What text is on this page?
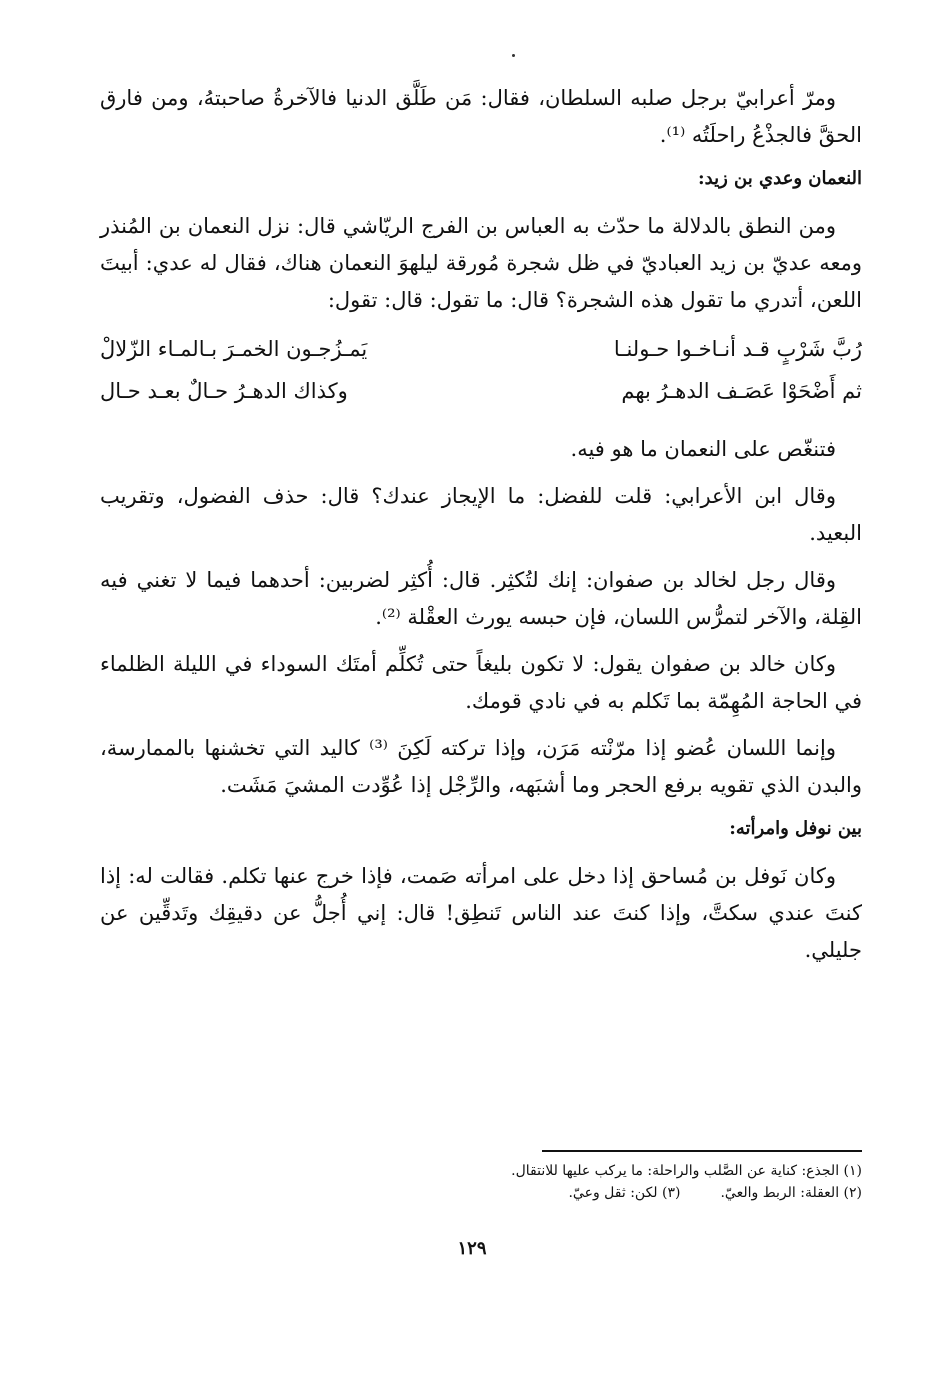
ومرّ أعرابيّ برجل صلبه السلطان، فقال: مَن طَلَّق الدنيا فالآخرةُ صاحبتهُ، ومن فارق الحقَّ فالجذْعُ راحلَتُه ⁽¹⁾.

النعمان وعدي بن زيد:

ومن النطق بالدلالة ما حدّث به العباس بن الفرج الريّاشي قال: نزل النعمان بن المُنذر ومعه عديّ بن زيد العباديّ في ظل شجرة مُورقة ليلهوَ النعمان هناك، فقال له عدي: أبيتَ اللعن، أتدري ما تقول هذه الشجرة؟ قال: ما تقول: قال: تقول:

رُبَّ شَرْبٍ قـد أنـاخـوا حـولنـا
يَمـزُجـون الخمـرَ بـالمـاء الزّلالْ
ثم أَضْحَوْا عَصَـف الدهـرُ بهم
وكذاك الدهـرُ حـالٌ بعـد حـال

فتنغّص على النعمان ما هو فيه.

وقال ابن الأعرابي: قلت للفضل: ما الإيجاز عندك؟ قال: حذف الفضول، وتقريب البعيد.

وقال رجل لخالد بن صفوان: إنك لتُكثِر. قال: أُكثِر لضربين: أحدهما فيما لا تغني فيه القِلة، والآخر لتمرُّس اللسان، فإن حبسه يورث العقْلة ⁽²⁾.

وكان خالد بن صفوان يقول: لا تكون بليغاً حتى تُكلِّم أمتَك السوداء في الليلة الظلماء في الحاجة المُهِمّة بما تَكلم به في نادي قومك.

وإنما اللسان عُضو إذا مرّنْته مَرَن، وإذا تركته لَكِنَ ⁽³⁾ كاليد التي تخشنها بالممارسة، والبدن الذي تقويه برفع الحجر وما أشبَهه، والرِّجْل إذا عُوِّدت المشيَ مَشَت.

بين نوفل وامرأته:

وكان نَوفل بن مُساحق إذا دخل على امرأته صَمت، فإذا خرج عنها تكلم. فقالت له: إذا كنتَ عندي سكتَّ، وإذا كنتَ عند الناس تَنطِق! قال: إني أُجلُّ عن دقيقِك وتَدقِّين عن جليلي.

(١) الجذع: كناية عن الصَّلب والراحلة: ما يركب عليها للانتقال.

(٢) العقلة: الربط والعيّ.(٣) لكن: ثقل وعيّ.

١٢٩
